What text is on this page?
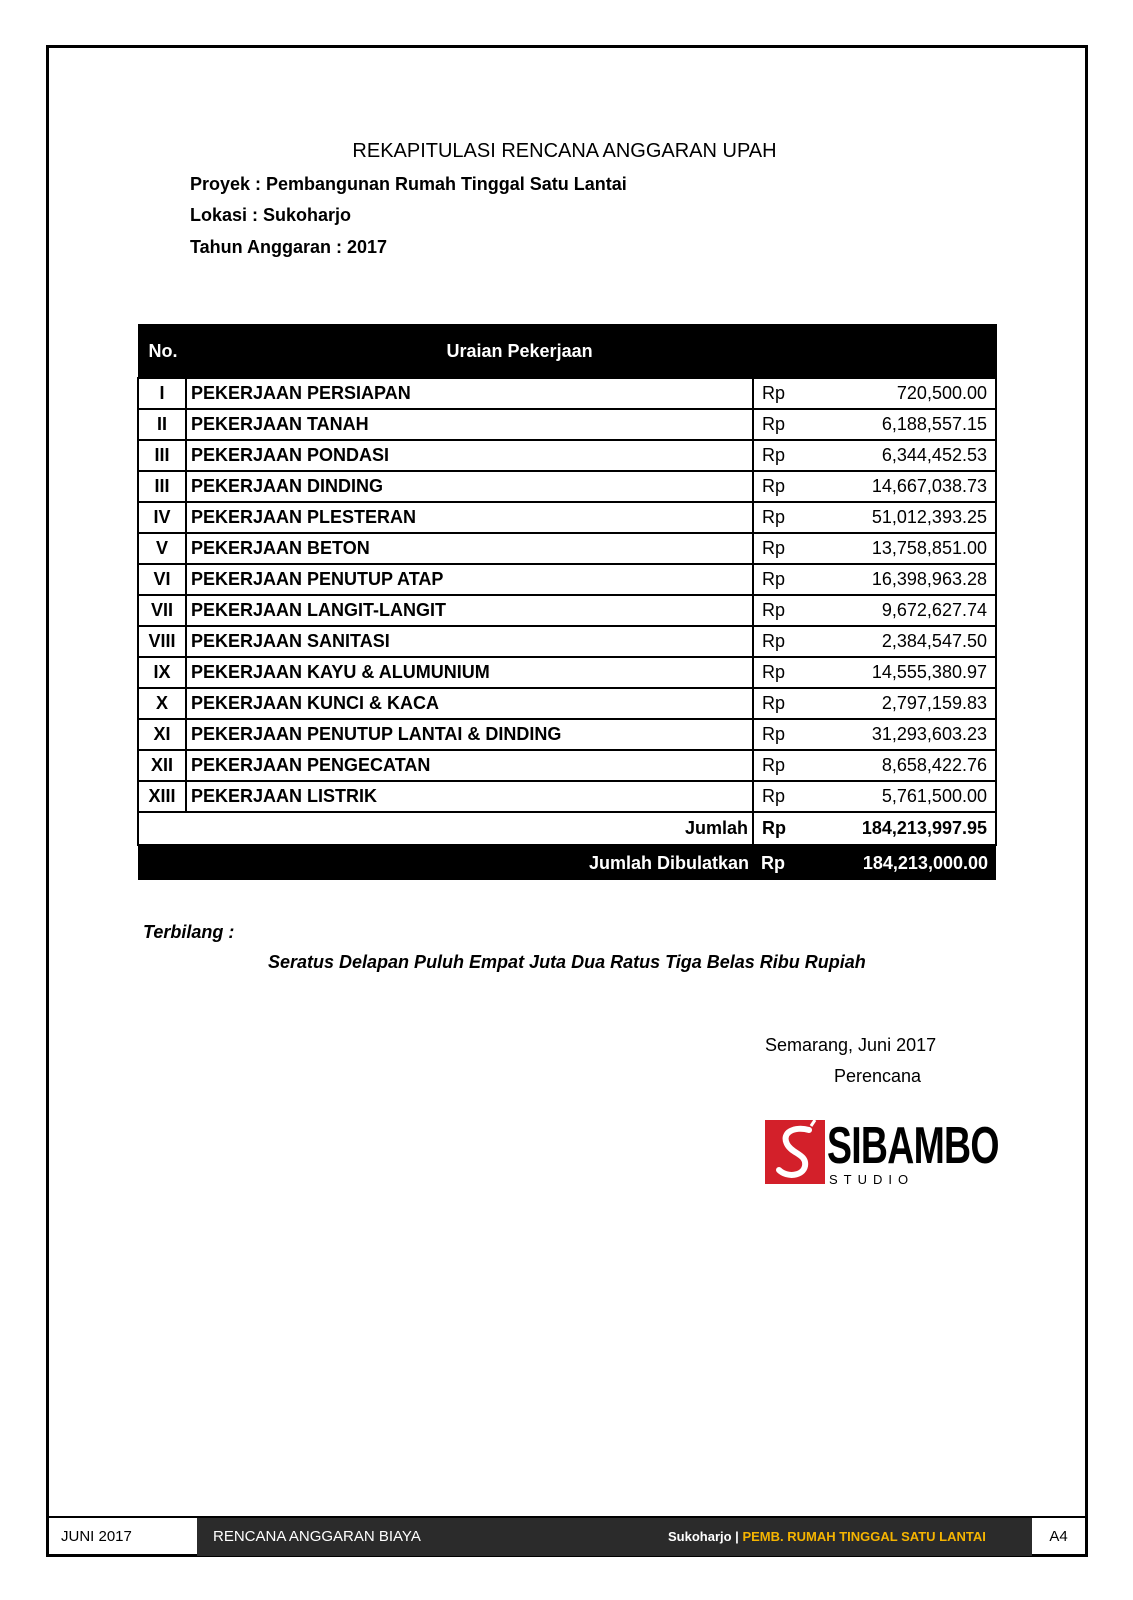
REKAPITULASI RENCANA ANGGARAN UPAH
Proyek : Pembangunan Rumah Tinggal Satu Lantai
Lokasi : Sukoharjo
Tahun Anggaran : 2017
No.	Uraian Pekerjaan		
I	PEKERJAAN PERSIAPAN	Rp	720,500.00
II	PEKERJAAN TANAH	Rp	6,188,557.15
III	PEKERJAAN PONDASI	Rp	6,344,452.53
III	PEKERJAAN DINDING	Rp	14,667,038.73
IV	PEKERJAAN PLESTERAN	Rp	51,012,393.25
V	PEKERJAAN BETON	Rp	13,758,851.00
VI	PEKERJAAN PENUTUP ATAP	Rp	16,398,963.28
VII	PEKERJAAN LANGIT-LANGIT	Rp	9,672,627.74
VIII	PEKERJAAN SANITASI	Rp	2,384,547.50
IX	PEKERJAAN KAYU & ALUMUNIUM	Rp	14,555,380.97
X	PEKERJAAN KUNCI & KACA	Rp	2,797,159.83
XI	PEKERJAAN PENUTUP LANTAI & DINDING	Rp	31,293,603.23
XII	PEKERJAAN PENGECATAN	Rp	8,658,422.76
XIII	PEKERJAAN LISTRIK	Rp	5,761,500.00
Jumlah		Rp	184,213,997.95
Jumlah Dibulatkan		Rp	184,213,000.00
Terbilang :
Seratus Delapan Puluh Empat Juta Dua Ratus Tiga Belas Ribu Rupiah
Semarang, Juni 2017
Perencana
SIBAMBO
STUDIO
JUNI 2017	RENCANA ANGGARAN BIAYA	Sukoharjo | PEMB. RUMAH TINGGAL SATU LANTAI	A4
